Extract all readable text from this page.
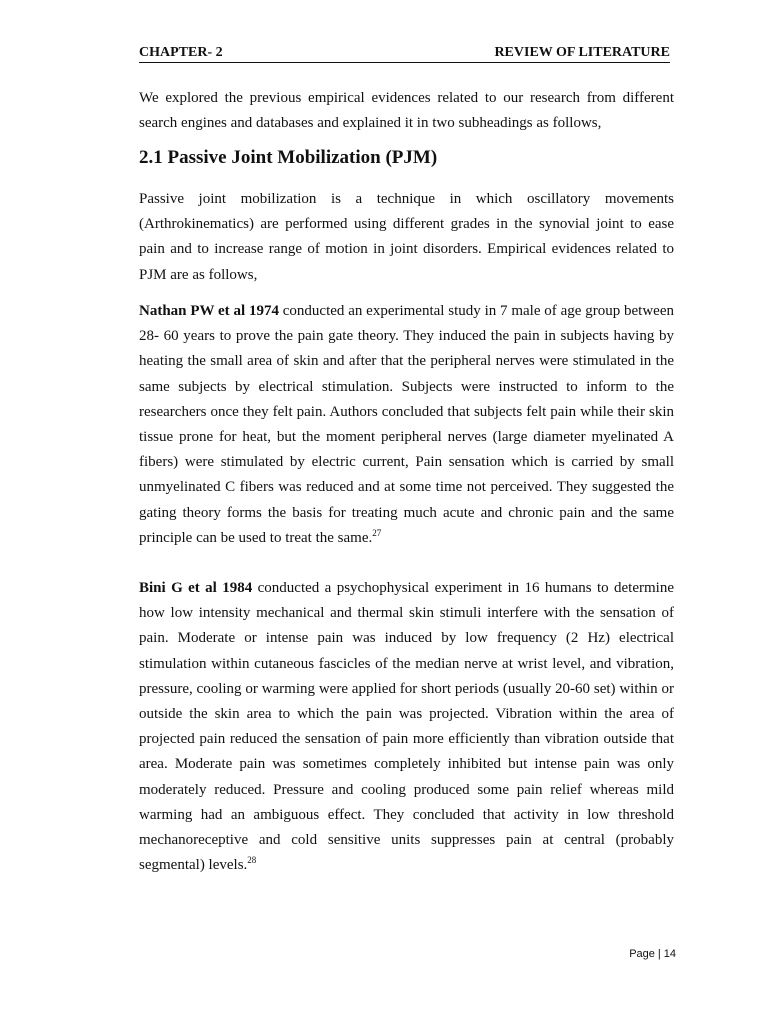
CHAPTER- 2	REVIEW OF LITERATURE

We explored the previous empirical evidences related to our research from different search engines and databases and explained it in two subheadings as follows,

2.1 Passive Joint Mobilization (PJM)

Passive joint mobilization is a technique in which oscillatory movements (Arthrokinematics) are performed using different grades in the synovial joint to ease pain and to increase range of motion in joint disorders. Empirical evidences related to PJM are as follows,

Nathan PW et al 1974 conducted an experimental study in 7 male of age group between 28- 60 years to prove the pain gate theory. They induced the pain in subjects having by heating the small area of skin and after that the peripheral nerves were stimulated in the same subjects by electrical stimulation. Subjects were instructed to inform to the researchers once they felt pain. Authors concluded that subjects felt pain while their skin tissue prone for heat, but the moment peripheral nerves (large diameter myelinated A fibers) were stimulated by electric current, Pain sensation which is carried by small unmyelinated C fibers was reduced and at some time not perceived. They suggested the gating theory forms the basis for treating much acute and chronic pain and the same principle can be used to treat the same.$^{27}$

Bini G et al 1984 conducted a psychophysical experiment in 16 humans to determine how low intensity mechanical and thermal skin stimuli interfere with the sensation of pain. Moderate or intense pain was induced by low frequency (2 Hz) electrical stimulation within cutaneous fascicles of the median nerve at wrist level, and vibration, pressure, cooling or warming were applied for short periods (usually 20-60 set) within or outside the skin area to which the pain was projected. Vibration within the area of projected pain reduced the sensation of pain more efficiently than vibration outside that area. Moderate pain was sometimes completely inhibited but intense pain was only moderately reduced. Pressure and cooling produced some pain relief whereas mild warming had an ambiguous effect. They concluded that activity in low threshold mechanoreceptive and cold sensitive units suppresses pain at central (probably segmental) levels.$^{28}$

Page | 14
